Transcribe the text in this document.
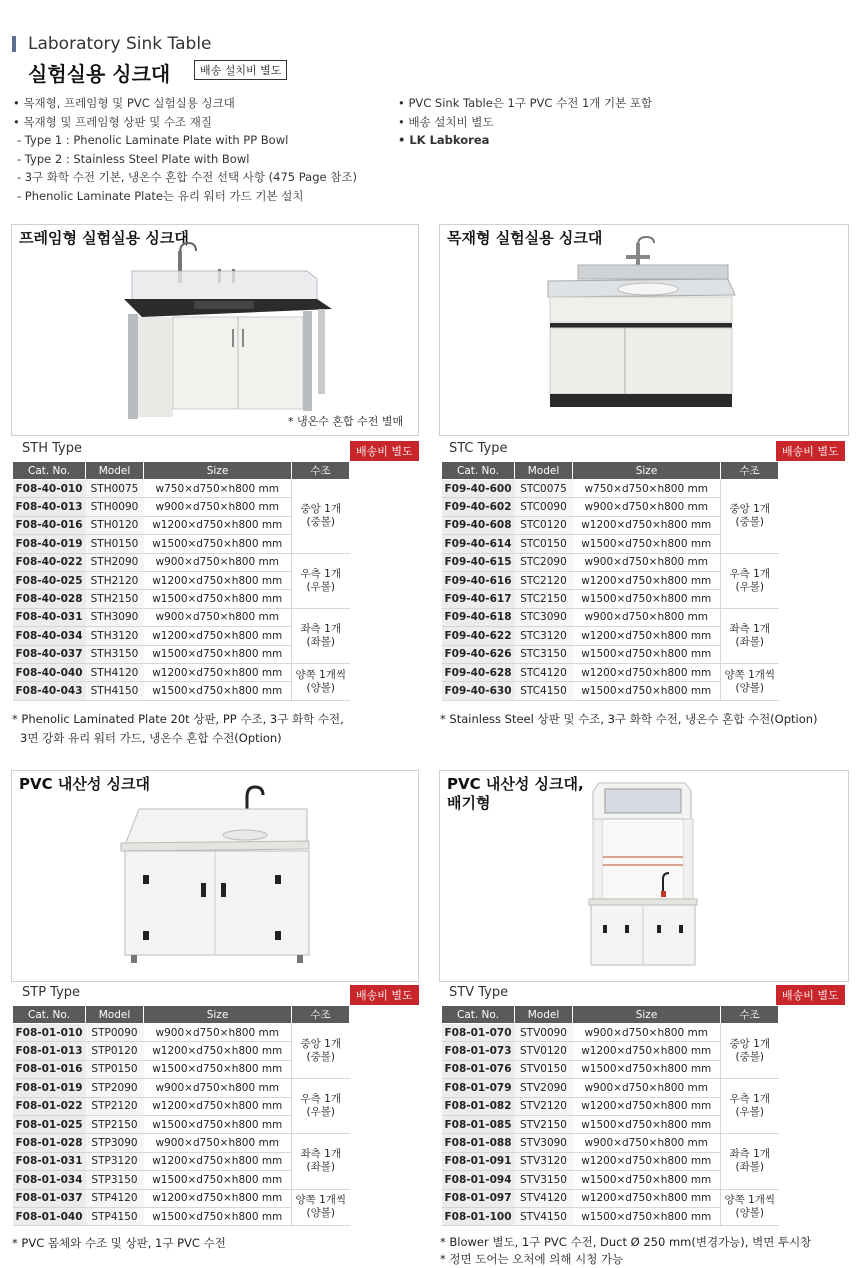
Laboratory Sink Table
실험실용 싱크대	배송 설치비 별도
• 목재형, 프레임형 및 PVC 실험실용 싱크대
• 목재형 및 프레임형 상판 및 수조 재질
- Type 1 : Phenolic Laminate Plate with PP Bowl
- Type 2 : Stainless Steel Plate with Bowl
- 3구 화학 수전 기본, 냉온수 혼합 수전 선택 사항 (475 Page 참조)
- Phenolic Laminate Plate는 유리 워터 가드 기본 설치
• PVC Sink Table은 1구 PVC 수전 1개 기본 포함
• 배송 설치비 별도
• LK Labkorea
프레임형 실험실용 싱크대
* 냉온수 혼합 수전 별매
STH Type	배송비 별도
Cat. No.	Model	Size	수조
F08-40-010	STH0075	w750×d750×h800 mm	중앙 1개
(중볼)
F08-40-013	STH0090	w900×d750×h800 mm	
F08-40-016	STH0120	w1200×d750×h800 mm	
F08-40-019	STH0150	w1500×d750×h800 mm	
F08-40-022	STH2090	w900×d750×h800 mm	우측 1개
(우볼)
F08-40-025	STH2120	w1200×d750×h800 mm	
F08-40-028	STH2150	w1500×d750×h800 mm	
F08-40-031	STH3090	w900×d750×h800 mm	좌측 1개
(좌볼)
F08-40-034	STH3120	w1200×d750×h800 mm	
F08-40-037	STH3150	w1500×d750×h800 mm	
F08-40-040	STH4120	w1200×d750×h800 mm	양쪽 1개씩
(양볼)
F08-40-043	STH4150	w1500×d750×h800 mm	
* Phenolic Laminated Plate 20t 상판, PP 수조, 3구 화학 수전,
3면 강화 유리 워터 가드, 냉온수 혼합 수전(Option)
목재형 실험실용 싱크대
STC Type	배송비 별도
Cat. No.	Model	Size	수조
F09-40-600	STC0075	w750×d750×h800 mm	중앙 1개
(중볼)
F09-40-602	STC0090	w900×d750×h800 mm	
F09-40-608	STC0120	w1200×d750×h800 mm	
F09-40-614	STC0150	w1500×d750×h800 mm	
F09-40-615	STC2090	w900×d750×h800 mm	우측 1개
(우볼)
F09-40-616	STC2120	w1200×d750×h800 mm	
F09-40-617	STC2150	w1500×d750×h800 mm	
F09-40-618	STC3090	w900×d750×h800 mm	좌측 1개
(좌볼)
F09-40-622	STC3120	w1200×d750×h800 mm	
F09-40-626	STC3150	w1500×d750×h800 mm	
F09-40-628	STC4120	w1200×d750×h800 mm	양쪽 1개씩
(양볼)
F09-40-630	STC4150	w1500×d750×h800 mm	
* Stainless Steel 상판 및 수조, 3구 화학 수전, 냉온수 혼합 수전(Option)
PVC 내산성 싱크대
STP Type	배송비 별도
Cat. No.	Model	Size	수조
F08-01-010	STP0090	w900×d750×h800 mm	중앙 1개
(중볼)
F08-01-013	STP0120	w1200×d750×h800 mm	
F08-01-016	STP0150	w1500×d750×h800 mm	
F08-01-019	STP2090	w900×d750×h800 mm	우측 1개
(우볼)
F08-01-022	STP2120	w1200×d750×h800 mm	
F08-01-025	STP2150	w1500×d750×h800 mm	
F08-01-028	STP3090	w900×d750×h800 mm	좌측 1개
(좌볼)
F08-01-031	STP3120	w1200×d750×h800 mm	
F08-01-034	STP3150	w1500×d750×h800 mm	
F08-01-037	STP4120	w1200×d750×h800 mm	양쪽 1개씩
(양볼)
F08-01-040	STP4150	w1500×d750×h800 mm	
* PVC 몸체와 수조 및 상판, 1구 PVC 수전
PVC 내산성 싱크대,
배기형
STV Type	배송비 별도
Cat. No.	Model	Size	수조
F08-01-070	STV0090	w900×d750×h800 mm	중앙 1개
(중볼)
F08-01-073	STV0120	w1200×d750×h800 mm	
F08-01-076	STV0150	w1500×d750×h800 mm	
F08-01-079	STV2090	w900×d750×h800 mm	우측 1개
(우볼)
F08-01-082	STV2120	w1200×d750×h800 mm	
F08-01-085	STV2150	w1500×d750×h800 mm	
F08-01-088	STV3090	w900×d750×h800 mm	좌측 1개
(좌볼)
F08-01-091	STV3120	w1200×d750×h800 mm	
F08-01-094	STV3150	w1500×d750×h800 mm	
F08-01-097	STV4120	w1200×d750×h800 mm	양쪽 1개씩
(양볼)
F08-01-100	STV4150	w1500×d750×h800 mm	
* Blower 별도, 1구 PVC 수전, Duct Ø 250 mm(변경가능), 벽면 투시창
* 정면 도어는 오처에 의해 시청 가능
